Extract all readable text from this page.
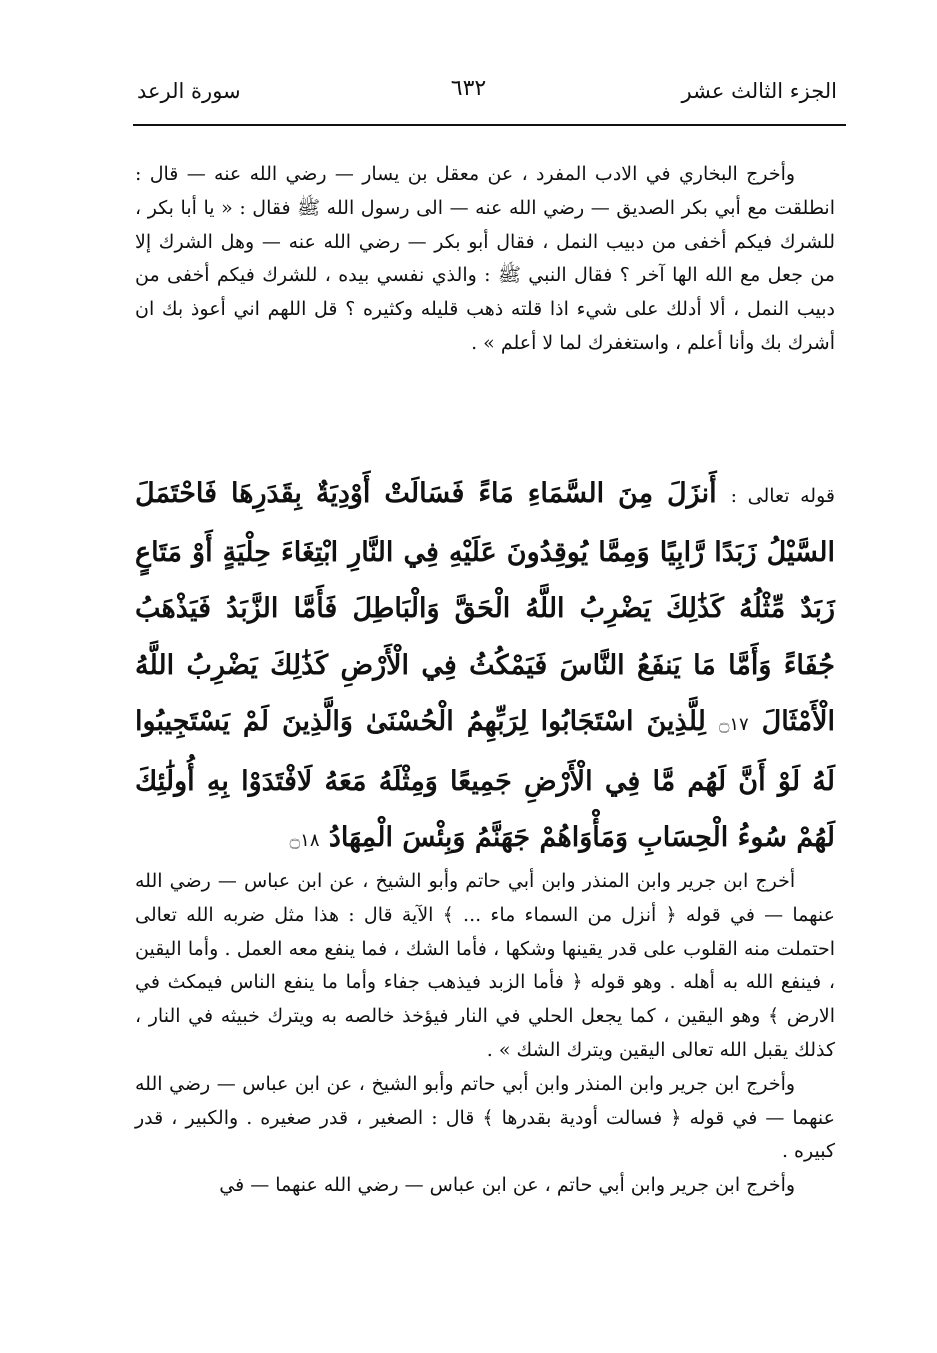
الجزء الثالث عشر
٦٣٢
سورة الرعد

وأخرج البخاري في الادب المفرد ، عن معقل بن يسار — رضي الله عنه — قال : انطلقت مع أبي بكر الصديق — رضي الله عنه — الى رسول الله ﷺ فقال : « يا أبا بكر ، للشرك فيكم أخفى من دبيب النمل ، فقال أبو بكر — رضي الله عنه — وهل الشرك إلا من جعل مع الله الها آخر ؟ فقال النبي ﷺ : والذي نفسي بيده ، للشرك فيكم أخفى من دبيب النمل ، ألا أدلك على شيء اذا قلته ذهب قليله وكثيره ؟ قل اللهم اني أعوذ بك ان أشرك بك وأنا أعلم ، واستغفرك لما لا أعلم » .

قوله تعالى : أَنزَلَ مِنَ السَّمَاءِ مَاءً فَسَالَتْ أَوْدِيَةٌ بِقَدَرِهَا فَاحْتَمَلَ السَّيْلُ زَبَدًا رَّابِيًا وَمِمَّا يُوقِدُونَ عَلَيْهِ فِي النَّارِ ابْتِغَاءَ حِلْيَةٍ أَوْ مَتَاعٍ زَبَدٌ مِّثْلُهُ كَذَٰلِكَ يَضْرِبُ اللَّهُ الْحَقَّ وَالْبَاطِلَ فَأَمَّا الزَّبَدُ فَيَذْهَبُ جُفَاءً وَأَمَّا مَا يَنفَعُ النَّاسَ فَيَمْكُثُ فِي الْأَرْضِ كَذَٰلِكَ يَضْرِبُ اللَّهُ الْأَمْثَالَ ۝١٧ لِلَّذِينَ اسْتَجَابُوا لِرَبِّهِمُ الْحُسْنَىٰ وَالَّذِينَ لَمْ يَسْتَجِيبُوا لَهُ لَوْ أَنَّ لَهُم مَّا فِي الْأَرْضِ جَمِيعًا وَمِثْلَهُ مَعَهُ لَافْتَدَوْا بِهِ أُولَٰئِكَ لَهُمْ سُوءُ الْحِسَابِ وَمَأْوَاهُمْ جَهَنَّمُ وَبِئْسَ الْمِهَادُ ۝١٨

أخرج ابن جرير وابن المنذر وابن أبي حاتم وأبو الشيخ ، عن ابن عباس — رضي الله عنهما — في قوله ﴿ أنزل من السماء ماء ... ﴾ الآية قال : هذا مثل ضربه الله تعالى احتملت منه القلوب على قدر يقينها وشكها ، فأما الشك ، فما ينفع معه العمل . وأما اليقين ، فينفع الله به أهله . وهو قوله ﴿ فأما الزبد فيذهب جفاء وأما ما ينفع الناس فيمكث في الارض ﴾ وهو اليقين ، كما يجعل الحلي في النار فيؤخذ خالصه به ويترك خبيثه في النار ، كذلك يقبل الله تعالى اليقين ويترك الشك » .

وأخرج ابن جرير وابن المنذر وابن أبي حاتم وأبو الشيخ ، عن ابن عباس — رضي الله عنهما — في قوله ﴿ فسالت أودية بقدرها ﴾ قال : الصغير ، قدر صغيره . والكبير ، قدر كبيره .

وأخرج ابن جرير وابن أبي حاتم ، عن ابن عباس — رضي الله عنهما — في
